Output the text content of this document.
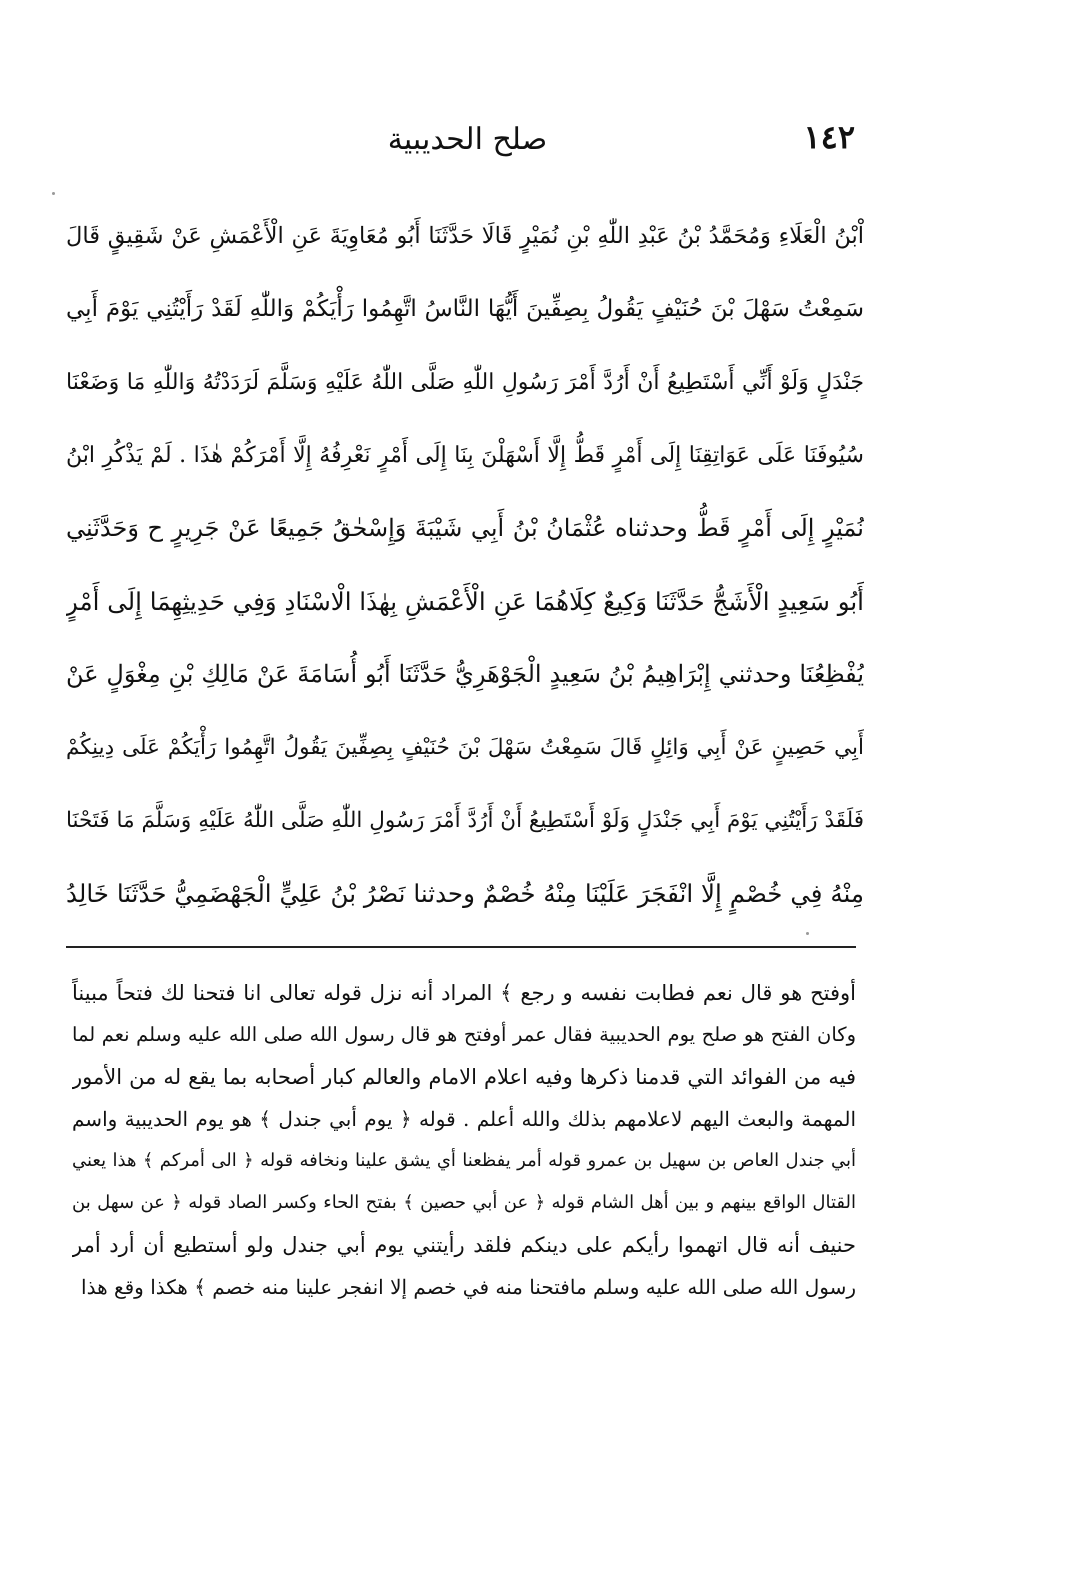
١٤٢
صلح الحديبية
اْبْنُ الْعَلَاءِ وَمُحَمَّدُ بْنُ عَبْدِ اللّٰهِ بْنِ نُمَيْرٍ قَالَا حَدَّثَنَا أَبُو مُعَاوِيَةَ عَنِ الْأَعْمَشِ عَنْ شَقِيقٍ قَالَ
سَمِعْتُ سَهْلَ بْنَ حُنَيْفٍ يَقُولُ بِصِفِّينَ أَيُّهَا النَّاسُ اتَّهِمُوا رَأْيَكُمْ وَاللّٰهِ لَقَدْ رَأَيْتُنِي يَوْمَ أَبِي
جَنْدَلٍ وَلَوْ أَنِّي أَسْتَطِيعُ أَنْ أَرُدَّ أَمْرَ رَسُولِ اللّٰهِ صَلَّى اللّٰهُ عَلَيْهِ وَسَلَّمَ لَرَدَدْتُهُ وَاللّٰهِ مَا وَضَعْنَا
سُيُوفَنَا عَلَى عَوَاتِقِنَا إِلَى أَمْرٍ قَطُّ إِلَّا أَسْهَلْنَ بِنَا إِلَى أَمْرٍ نَعْرِفُهُ إِلَّا أَمْرَكُمْ هٰذَا . لَمْ يَذْكُرِ ابْنُ
نُمَيْرٍ إِلَى أَمْرٍ قَطُّ وحدثناه عُثْمَانُ بْنُ أَبِي شَيْبَةَ وَإِسْحٰقُ جَمِيعًا عَنْ جَرِيرٍ ح وَحَدَّثَنِي
أَبُو سَعِيدٍ الْأَشَجُّ حَدَّثَنَا وَكِيعٌ كِلَاهُمَا عَنِ الْأَعْمَشِ بِهٰذَا الْاسْنَادِ وَفِي حَدِيثِهِمَا إِلَى أَمْرٍ
يُفْظِعُنَا وحدثني إِبْرَاهِيمُ بْنُ سَعِيدٍ الْجَوْهَرِيُّ حَدَّثَنَا أَبُو أُسَامَةَ عَنْ مَالِكِ بْنِ مِغْوَلٍ عَنْ
أَبِي حَصِينٍ عَنْ أَبِي وَائِلٍ قَالَ سَمِعْتُ سَهْلَ بْنَ حُنَيْفٍ بِصِفِّينَ يَقُولُ اتَّهِمُوا رَأْيَكُمْ عَلَى دِينِكُمْ
فَلَقَدْ رَأَيْتُنِي يَوْمَ أَبِي جَنْدَلٍ وَلَوْ أَسْتَطِيعُ أَنْ أَرُدَّ أَمْرَ رَسُولِ اللّٰهِ صَلَّى اللّٰهُ عَلَيْهِ وَسَلَّمَ مَا فَتَحْنَا
مِنْهُ فِي خُصْمٍ إِلَّا انْفَجَرَ عَلَيْنَا مِنْهُ خُصْمٌ وحدثنا نَصْرُ بْنُ عَلِيٍّ الْجَهْضَمِيُّ حَدَّثَنَا خَالِدُ
أوفتح هو قال نعم فطابت نفسه و رجع ﴾ المراد أنه نزل قوله تعالى انا فتحنا لك فتحاً مبيناً
وكان الفتح هو صلح يوم الحديبية فقال عمر أوفتح هو قال رسول الله صلى الله عليه وسلم نعم لما
فيه من الفوائد التي قدمنا ذكرها وفيه اعلام الامام والعالم كبار أصحابه بما يقع له من الأمور
المهمة والبعث اليهم لاعلامهم بذلك والله أعلم . قوله ﴿ يوم أبي جندل ﴾ هو يوم الحديبية واسم
أبي جندل العاص بن سهيل بن عمرو قوله أمر يفظعنا أي يشق علينا ونخافه قوله ﴿ الى أمركم ﴾ هذا يعني
القتال الواقع بينهم و بين أهل الشام قوله ﴿ عن أبي حصين ﴾ بفتح الحاء وكسر الصاد قوله ﴿ عن سهل بن
حنيف أنه قال اتهموا رأيكم على دينكم فلقد رأيتني يوم أبي جندل ولو أستطيع أن أرد أمر
رسول الله صلى الله عليه وسلم مافتحنا منه في خصم إلا انفجر علينا منه خصم ﴾ هكذا وقع هذا
